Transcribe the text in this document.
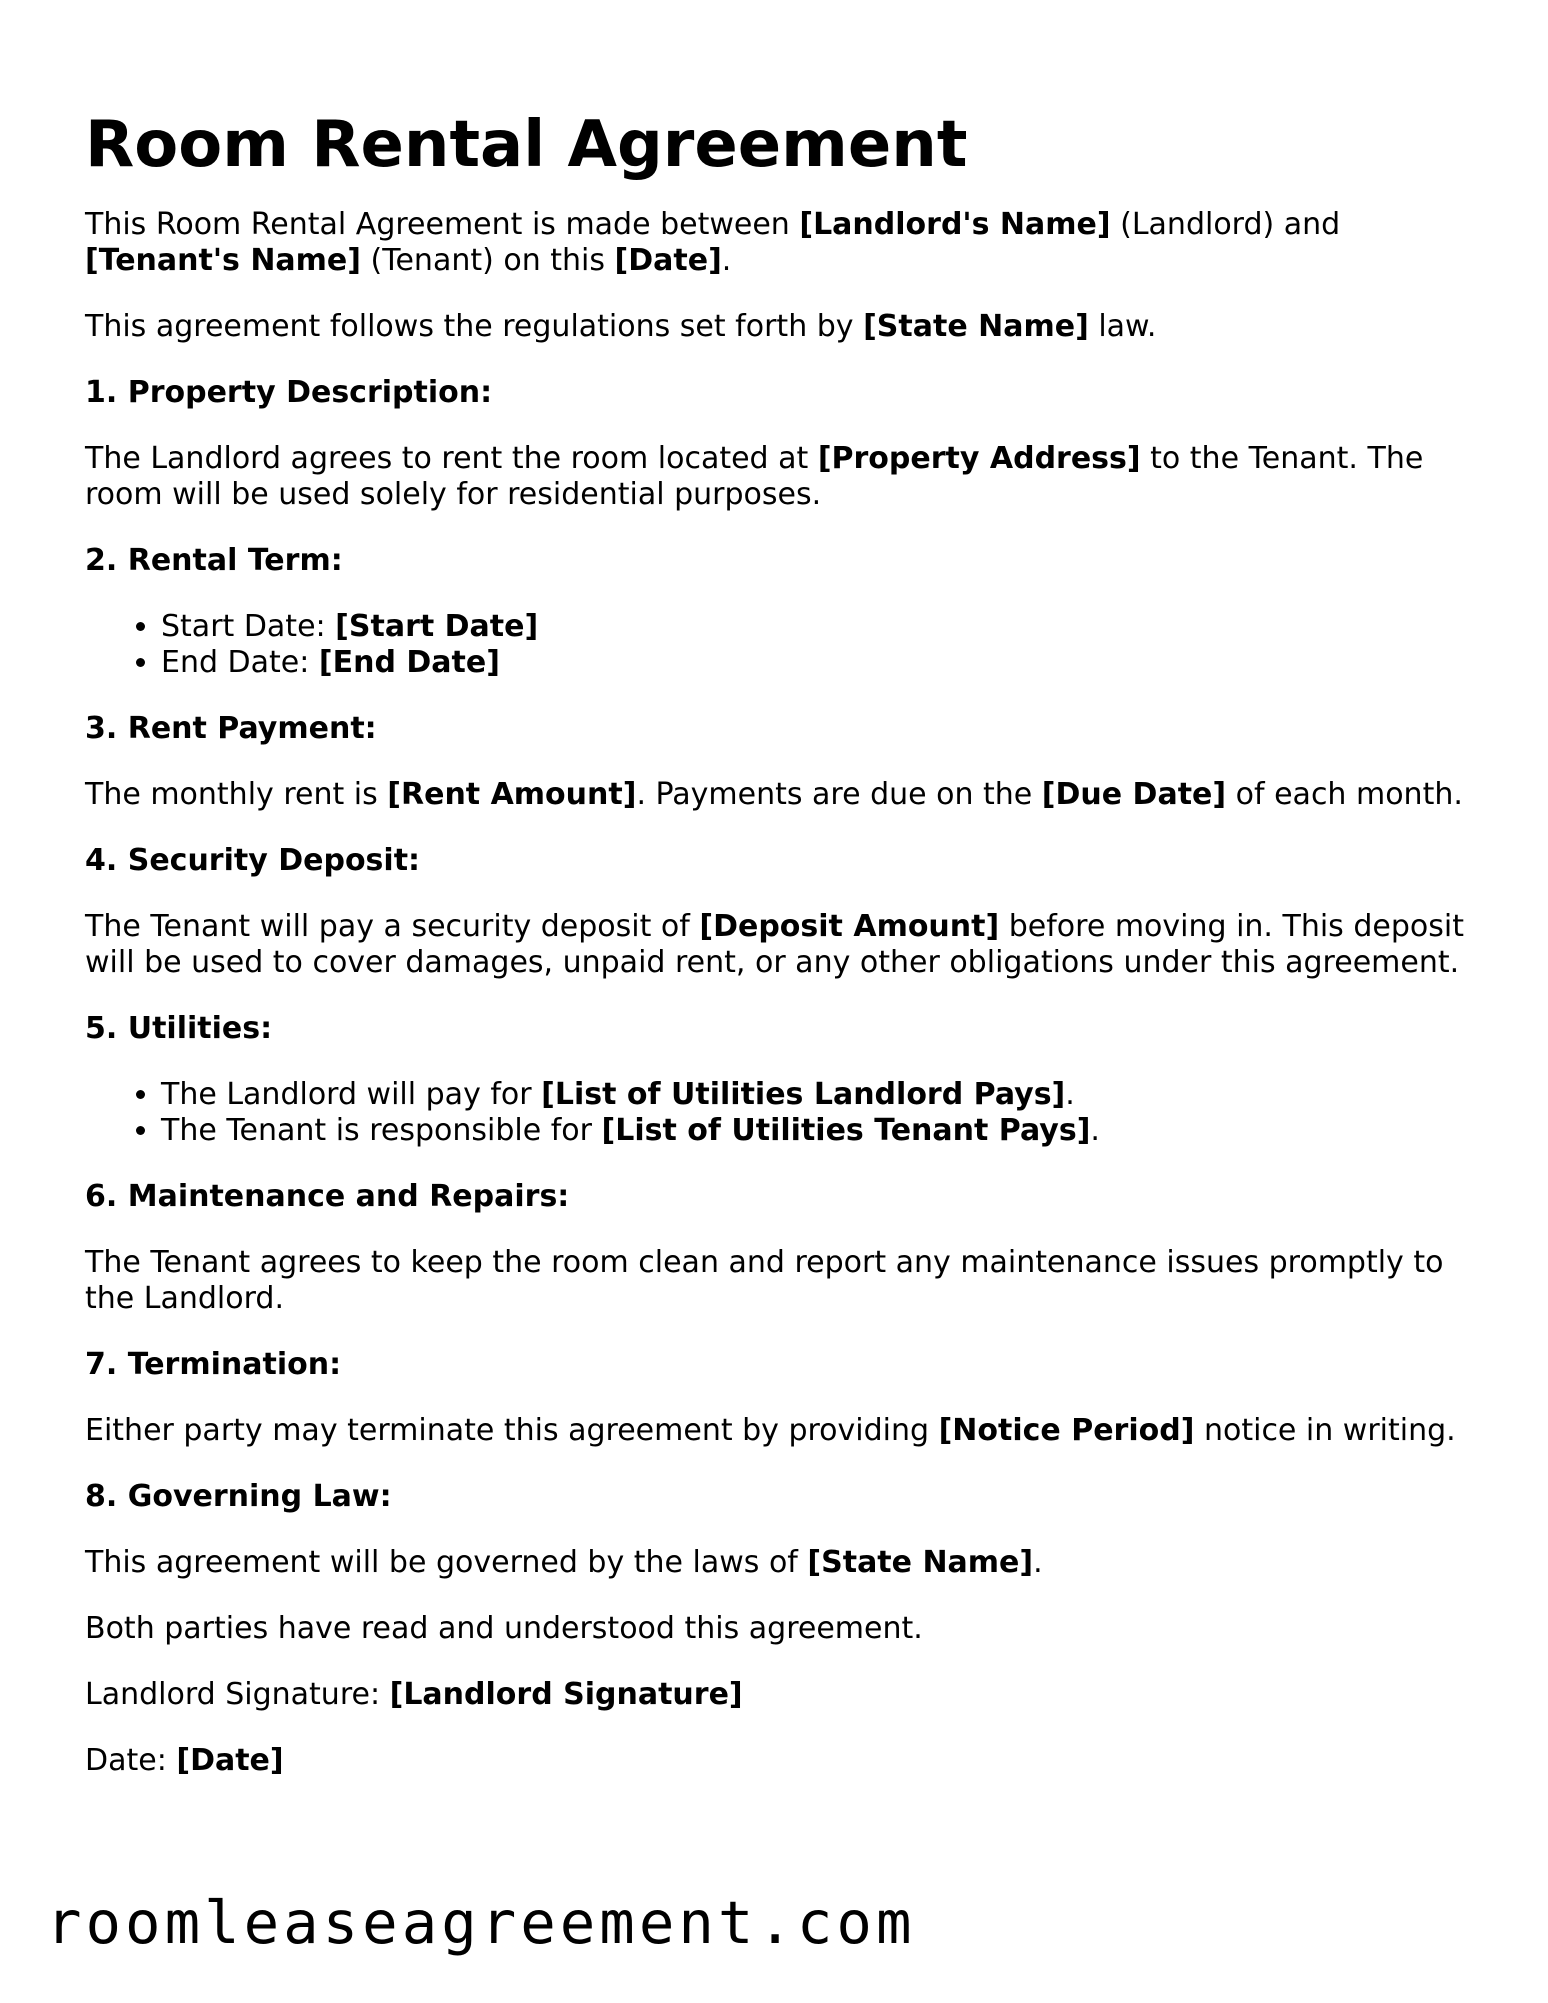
Room Rental Agreement

This Room Rental Agreement is made between [Landlord's Name] (Landlord) and
[Tenant's Name] (Tenant) on this [Date].

This agreement follows the regulations set forth by [State Name] law.

1. Property Description:

The Landlord agrees to rent the room located at [Property Address] to the Tenant. The room will be used solely for residential purposes.

2. Rental Term:
• Start Date: [Start Date]
• End Date: [End Date]
3. Rent Payment:

The monthly rent is [Rent Amount]. Payments are due on the [Due Date] of each month.

4. Security Deposit:

The Tenant will pay a security deposit of [Deposit Amount] before moving in. This deposit will be used to cover damages, unpaid rent, or any other obligations under this agreement.

5. Utilities:
• The Landlord will pay for [List of Utilities Landlord Pays].
• The Tenant is responsible for [List of Utilities Tenant Pays].
6. Maintenance and Repairs:

The Tenant agrees to keep the room clean and report any maintenance issues promptly to the Landlord.

7. Termination:

Either party may terminate this agreement by providing [Notice Period] notice in writing.

8. Governing Law:

This agreement will be governed by the laws of [State Name].

Both parties have read and understood this agreement.

Landlord Signature: [Landlord Signature]

Date: [Date]

roomleaseagreement.com
